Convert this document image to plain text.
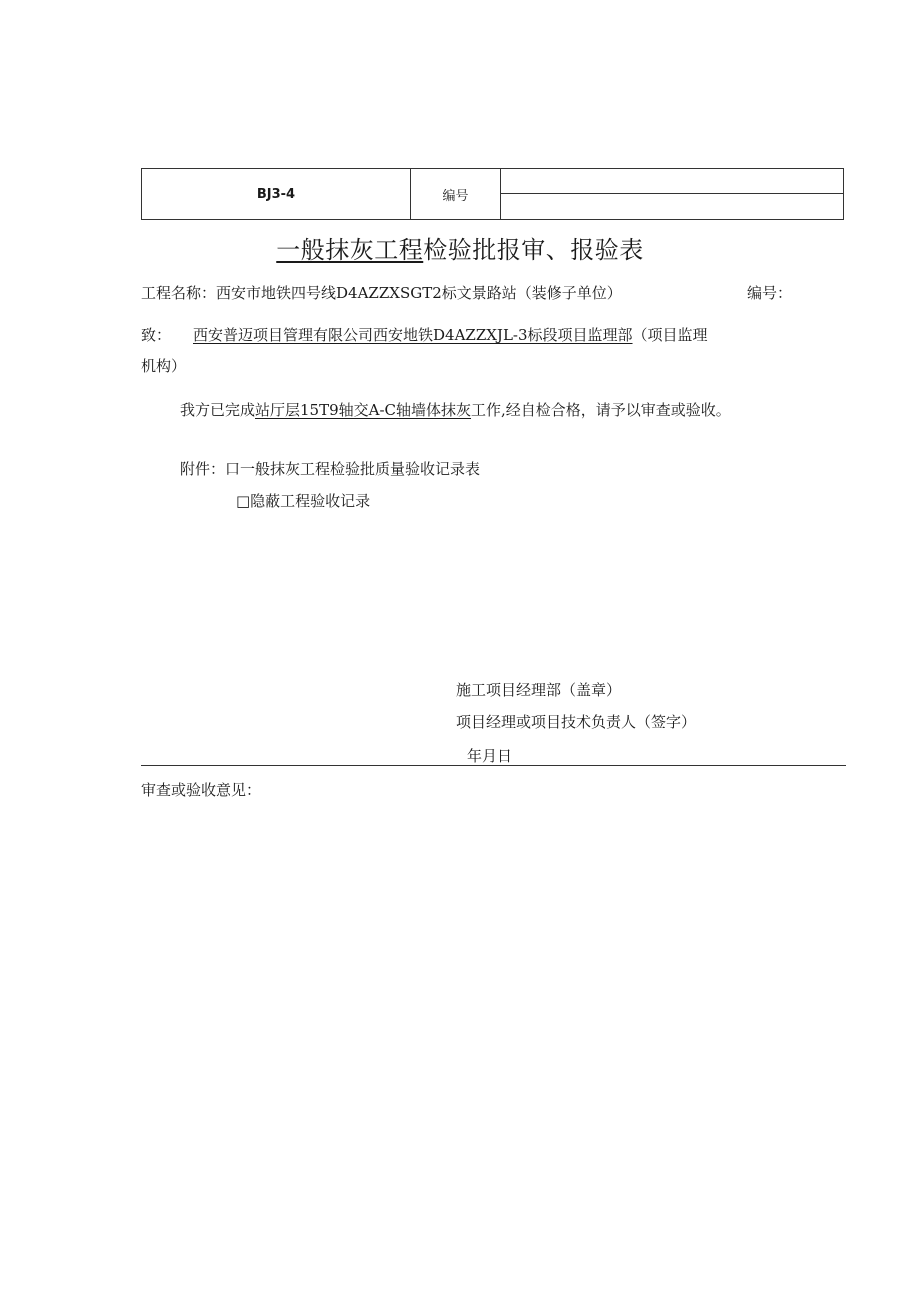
BJ3-4	编号	
一般抹灰工程检验批报审、报验表
工程名称：西安市地铁四号线D4AZZXSGT2标文景路站（装修子单位）	编号：
致： 西安普迈项目管理有限公司西安地铁D4AZZXJL-3标段项目监理部（项目监理
机构）
我方已完成站厅层15T9轴交A-C轴墙体抹灰工作,经自检合格，请予以审查或验收。
附件：口一般抹灰工程检验批质量验收记录表
□隐蔽工程验收记录
施工项目经理部（盖章）
项目经理或项目技术负责人（签字）
年月日
审查或验收意见：
